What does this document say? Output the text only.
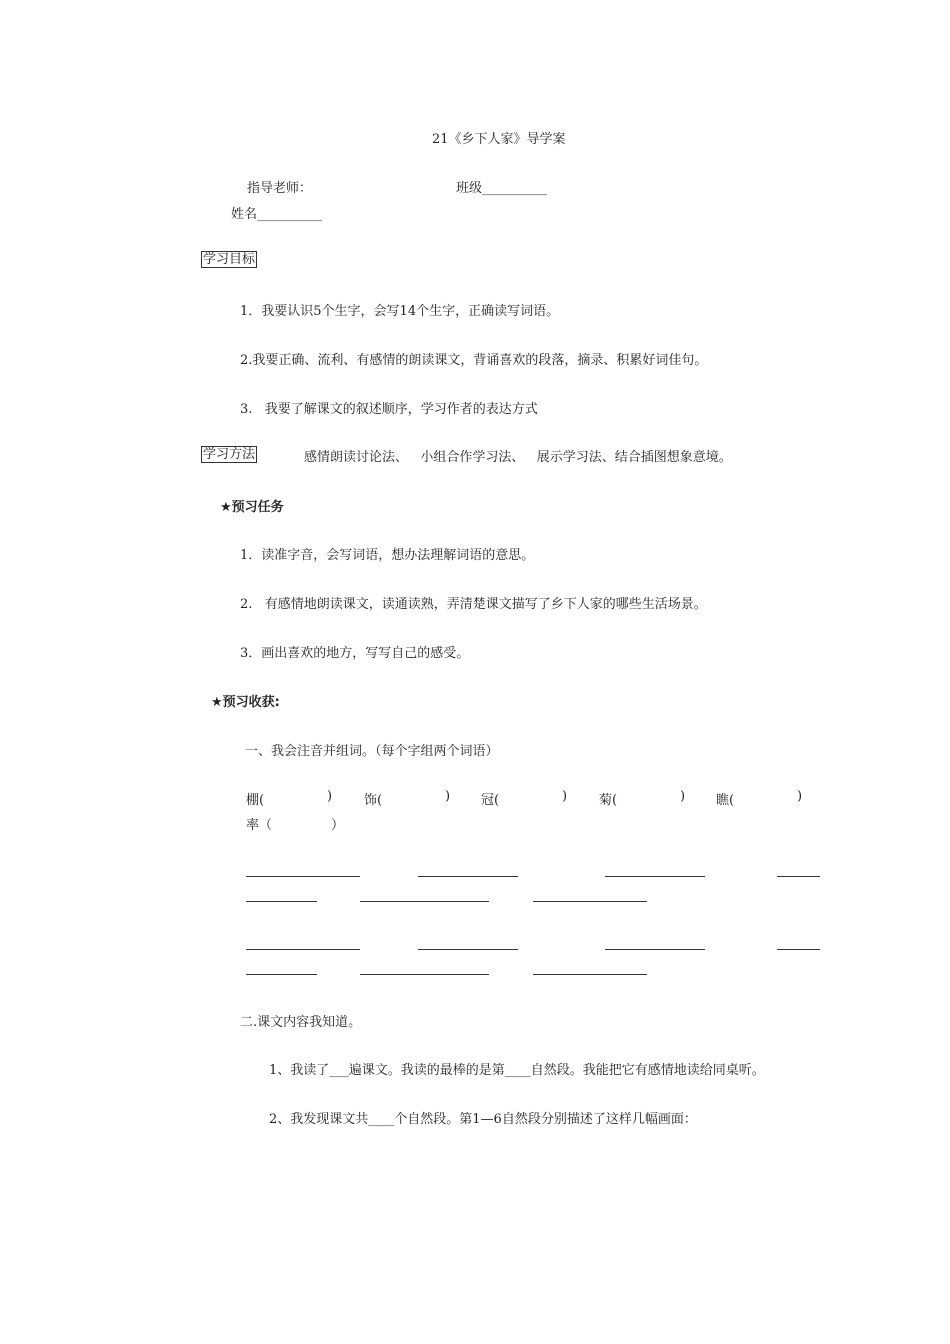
21《乡下人家》导学案
指导老师：	班级__________
姓名__________
学习目标
1．我要认识5个生字，会写14个生字，正确读写词语。
2.我要正确、流利、有感情的朗读课文，背诵喜欢的段落，摘录、积累好词佳句。
3.   我要了解课文的叙述顺序，学习作者的表达方式
学习方法	感情朗读讨论法、   小组合作学习法、   展示学习法、结合插图想象意境。
★预习任务
1．读准字音，会写词语，想办法理解词语的意思。
2.   有感情地朗读课文，读通读熟，弄清楚课文描写了乡下人家的哪些生活场景。
3．画出喜欢的地方，写写自己的感受。
★预习收获:
一、我会注音并组词。（每个字组两个词语）
棚(	) 饰(	) 冠(	) 菊(	) 瞧(	)
率（	）
二.课文内容我知道。
1、我读了___遍课文。我读的最棒的是第____自然段。我能把它有感情地读给同桌听。
2、我发现课文共____个自然段。第1—6自然段分别描述了这样几幅画面：
